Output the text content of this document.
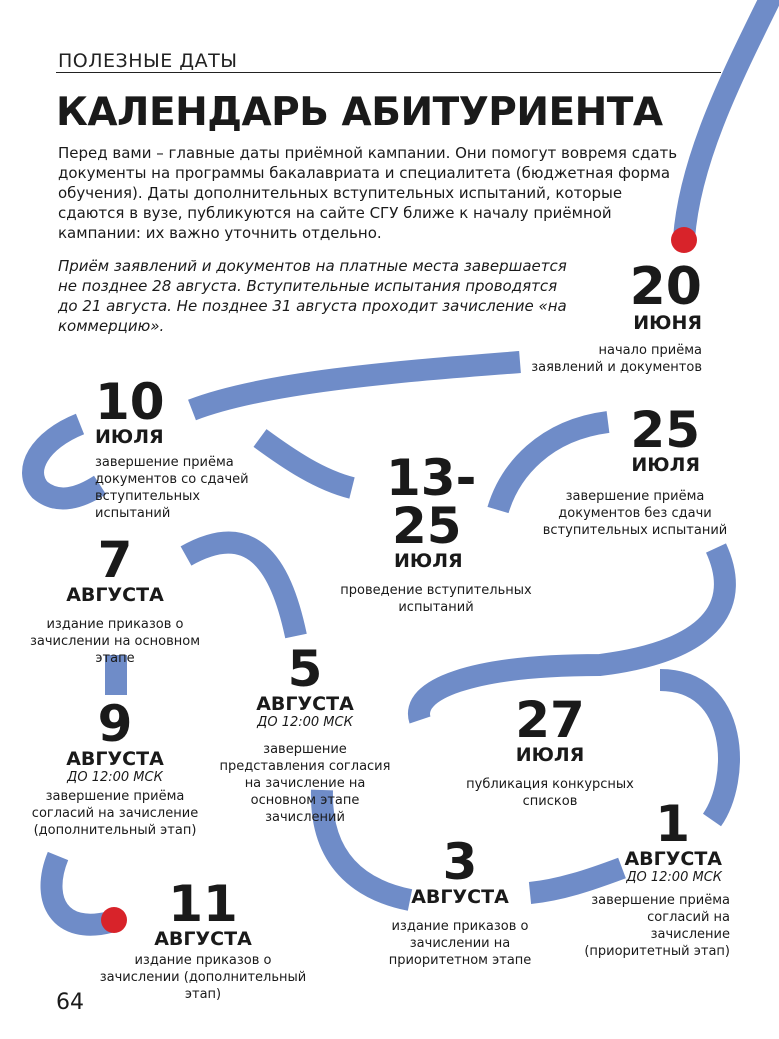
ПОЛЕЗНЫЕ ДАТЫ
КАЛЕНДАРЬ АБИТУРИЕНТА

Перед вами – главные даты приёмной кампании. Они помогут вовремя сдать документы на программы бакалавриата и специалитета (бюджетная форма обучения). Даты дополнительных вступительных испытаний, которые сдаются в вузе, публикуются на сайте СГУ ближе к началу приёмной кампании: их важно уточнить отдельно.

Приём заявлений и документов на платные места завершается не позднее 28 августа. Вступительные испытания проводятся до 21 августа. Не позднее 31 августа проходит зачисление «на коммерцию».

20
ИЮНЯ
начало приёма заявлений и документов
10
ИЮЛЯ
завершение приёма документов со сдачей вступительных испытаний
13-
25
ИЮЛЯ
проведение вступительных испытаний
25
ИЮЛЯ
завершение приёма документов без сдачи вступительных испытаний
7
АВГУСТА
издание приказов о зачислении на основном этапе	5
АВГУСТА
ДО 12:00 МСК
завершение представления согласия на зачисление на основном этапе зачислений
9
АВГУСТА
ДО 12:00 МСК
завершение приёма согласий на зачисление (дополнительный этап)
27
ИЮЛЯ
публикация конкурсных списков	1
АВГУСТА
ДО 12:00 МСК
завершение приёма согласий на зачисление (приоритетный этап)
3
АВГУСТА
издание приказов о зачислении на приоритетном этапе
11
АВГУСТА
издание приказов о зачислении (дополнительный этап)
64
